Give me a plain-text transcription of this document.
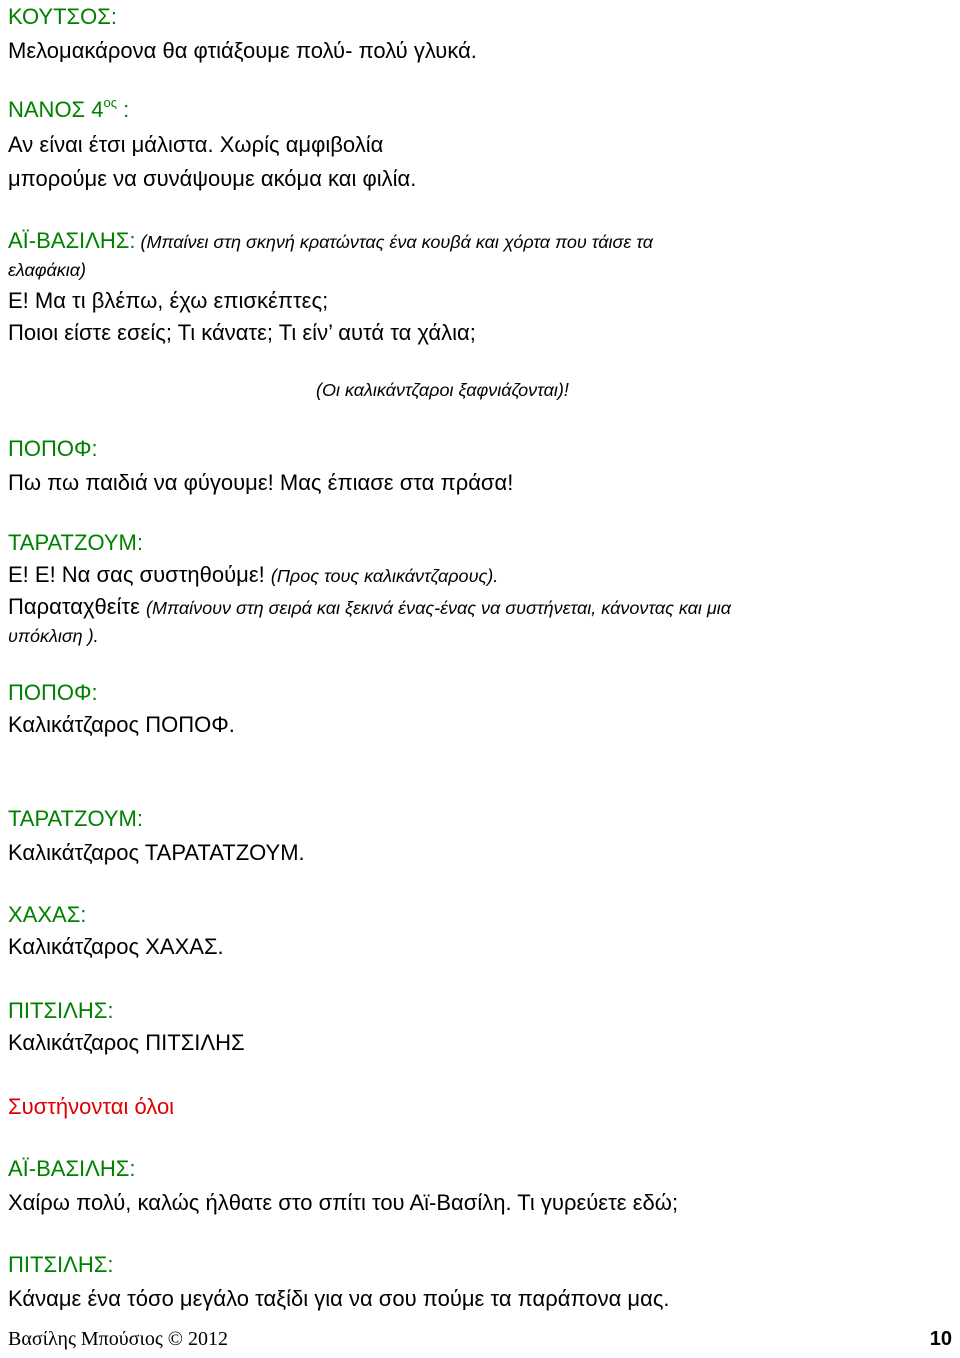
ΚΟΥΤΣΟΣ:
Μελομακάρονα θα φτιάξουμε πολύ- πολύ γλυκά.
ΝΑΝΟΣ $4^{o\varsigma}$ :
Αν είναι έτσι μάλιστα. Χωρίς αμφιβολία
μπορούμε να συνάψουμε ακόμα και φιλία.
ΑΪ-ΒΑΣΙΛΗΣ: (Μπαίνει στη σκηνή κρατώντας ένα κουβά και χόρτα που τάισε τα
ελαφάκια)
Ε! Μα τι βλέπω, έχω επισκέπτες;
Ποιοι είστε εσείς; Τι κάνατε; Τι είν’ αυτά τα χάλια;
(Οι καλικάντζαροι ξαφνιάζονται)!
ΠΟΠΟΦ:
Πω πω παιδιά να φύγουμε! Μας έπιασε στα πράσα!
ΤΑΡΑΤΖΟΥΜ:
Ε! Ε! Να σας συστηθούμε! (Προς τους καλικάντζαρους).
Παραταχθείτε (Μπαίνουν στη σειρά και ξεκινά ένας-ένας να συστήνεται, κάνοντας και μια
υπόκλιση ).
ΠΟΠΟΦ:
Καλικάτζαρος ΠΟΠΟΦ.
ΤΑΡΑΤΖΟΥΜ:
Καλικάτζαρος ΤΑΡΑΤΑΤΖΟΥΜ.
ΧΑΧΑΣ:
Καλικάτζαρος ΧΑΧΑΣ.
ΠΙΤΣΙΛΗΣ:
Καλικάτζαρος ΠΙΤΣΙΛΗΣ
Συστήνονται όλοι
ΑΪ-ΒΑΣΙΛΗΣ:
Χαίρω πολύ, καλώς ήλθατε στο σπίτι του Αϊ-Βασίλη. Τι γυρεύετε εδώ;
ΠΙΤΣΙΛΗΣ:
Κάναμε ένα τόσο μεγάλο ταξίδι για να σου πούμε τα παράπονα μας.
Βασίλης Μπούσιος © 2012	10
